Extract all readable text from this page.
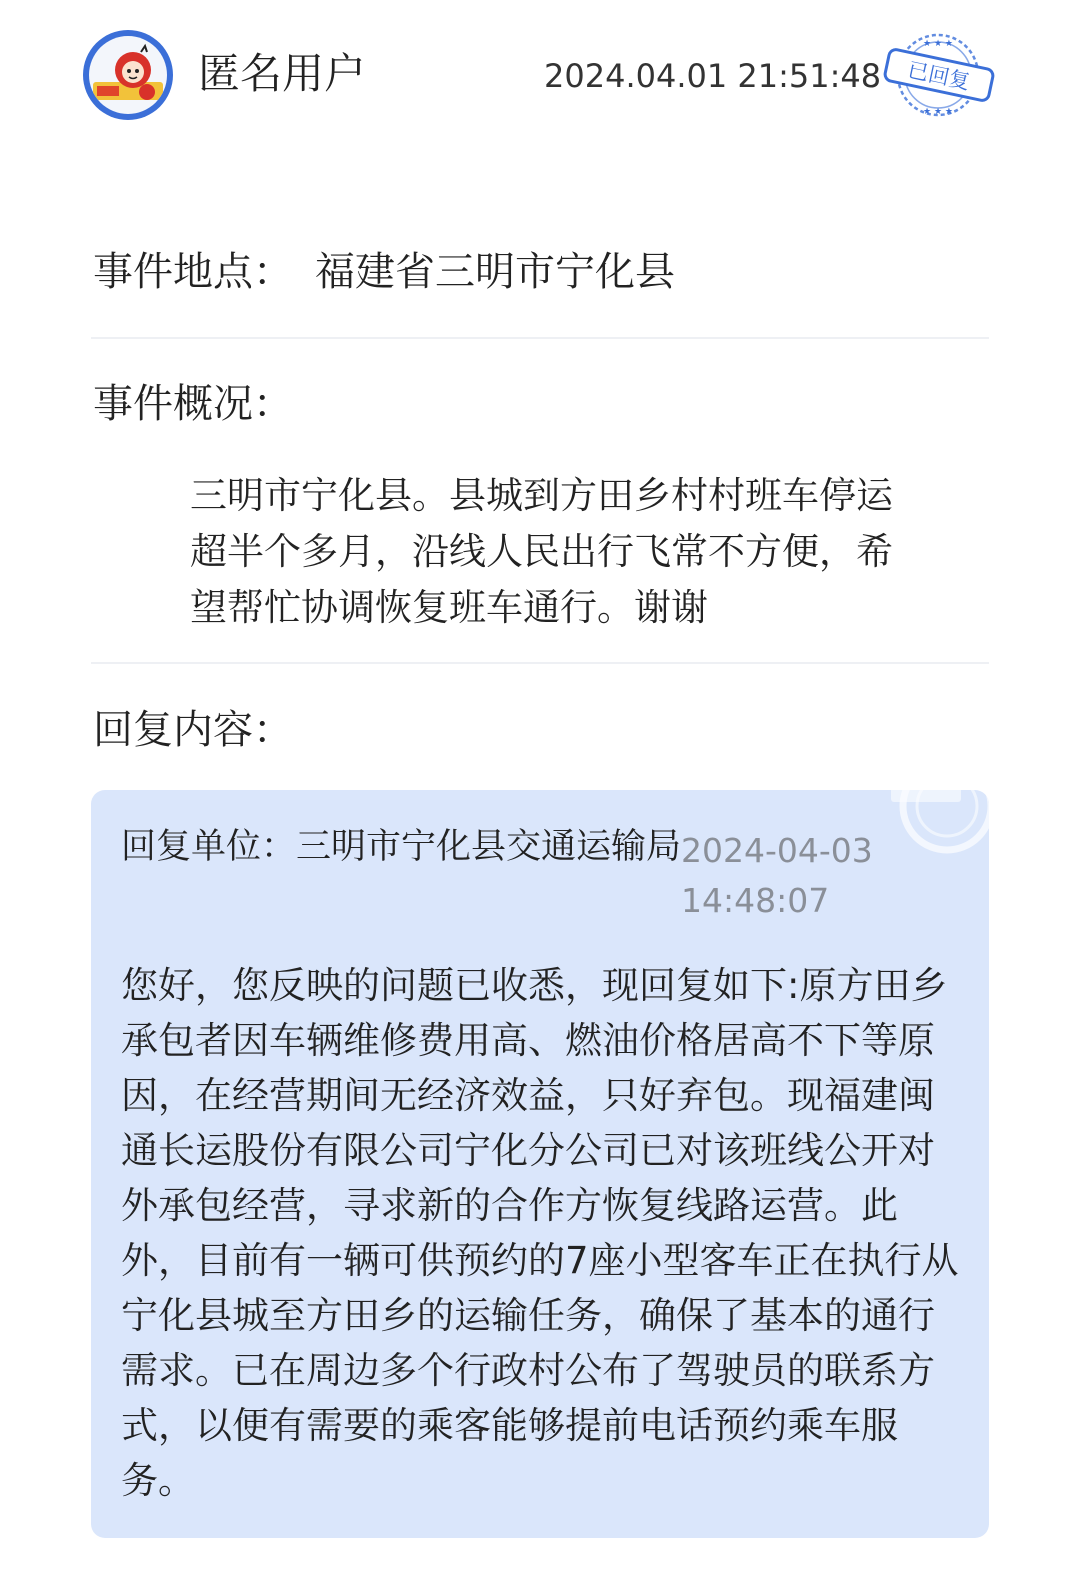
匿名用户	2024.04.01 21:51:48 已回复
★ ★ ★
★ ★ ★
事件地点： 福建省三明市宁化县
事件概况：
三明市宁化县。县城到方田乡村村班车停运超半个多月，沿线人民出行飞常不方便，希望帮忙协调恢复班车通行。谢谢
回复内容：
回复单位：三明市宁化县交通运输局 2024-04-03
14:48:07
您好，您反映的问题已收悉，现回复如下:原方田乡承包者因车辆维修费用高、燃油价格居高不下等原因，在经营期间无经济效益，只好弃包。现福建闽通长运股份有限公司宁化分公司已对该班线公开对外承包经营，寻求新的合作方恢复线路运营。此外，目前有一辆可供预约的7座小型客车正在执行从宁化县城至方田乡的运输任务，确保了基本的通行需求。已在周边多个行政村公布了驾驶员的联系方式，以便有需要的乘客能够提前电话预约乘车服务。
